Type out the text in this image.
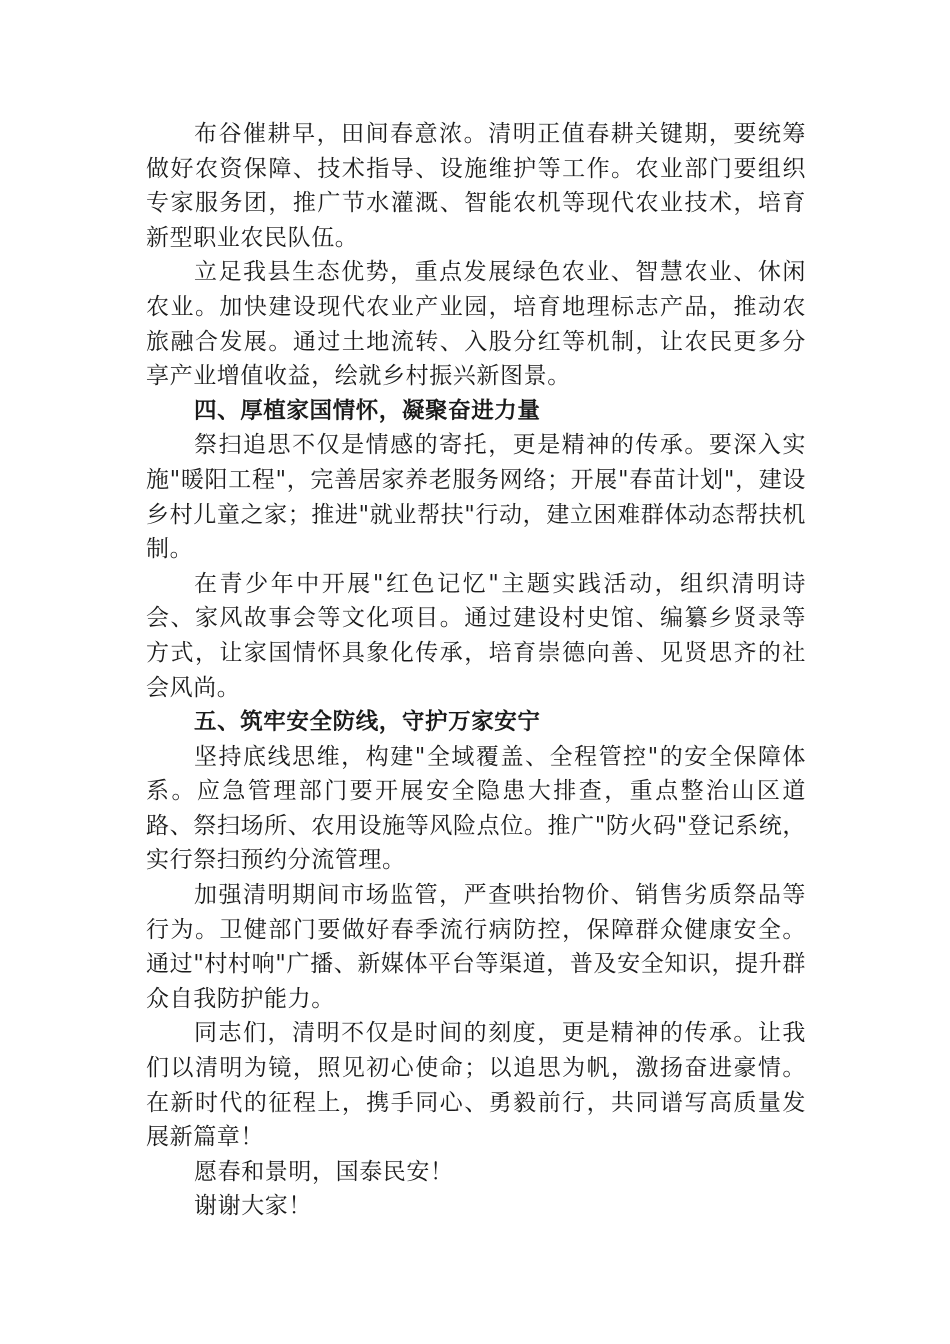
布谷催耕早，田间春意浓。清明正值春耕关键期，要统筹做好农资保障、技术指导、设施维护等工作。农业部门要组织专家服务团，推广节水灌溉、智能农机等现代农业技术，培育新型职业农民队伍。

立足我县生态优势，重点发展绿色农业、智慧农业、休闲农业。加快建设现代农业产业园，培育地理标志产品，推动农旅融合发展。通过土地流转、入股分红等机制，让农民更多分享产业增值收益，绘就乡村振兴新图景。

四、厚植家国情怀，凝聚奋进力量

祭扫追思不仅是情感的寄托，更是精神的传承。要深入实施"暖阳工程"，完善居家养老服务网络；开展"春苗计划"，建设乡村儿童之家；推进"就业帮扶"行动，建立困难群体动态帮扶机制。

在青少年中开展"红色记忆"主题实践活动，组织清明诗会、家风故事会等文化项目。通过建设村史馆、编纂乡贤录等方式，让家国情怀具象化传承，培育崇德向善、见贤思齐的社会风尚。

五、筑牢安全防线，守护万家安宁

坚持底线思维，构建"全域覆盖、全程管控"的安全保障体系。应急管理部门要开展安全隐患大排查，重点整治山区道路、祭扫场所、农用设施等风险点位。推广"防火码"登记系统，实行祭扫预约分流管理。

加强清明期间市场监管，严查哄抬物价、销售劣质祭品等行为。卫健部门要做好春季流行病防控，保障群众健康安全。通过"村村响"广播、新媒体平台等渠道，普及安全知识，提升群众自我防护能力。

同志们，清明不仅是时间的刻度，更是精神的传承。让我们以清明为镜，照见初心使命；以追思为帆，激扬奋进豪情。在新时代的征程上，携手同心、勇毅前行，共同谱写高质量发展新篇章！

愿春和景明，国泰民安！

谢谢大家！
